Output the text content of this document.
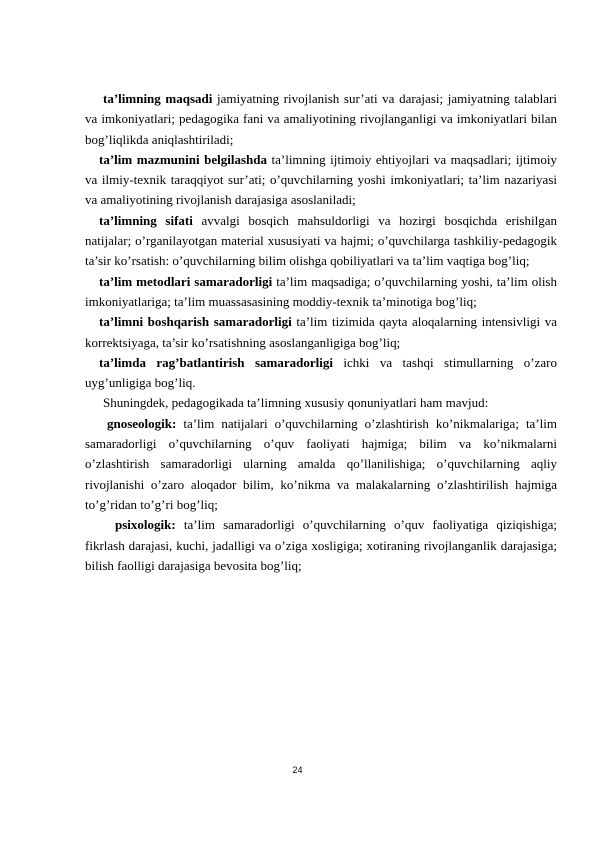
ta’limning maqsadi jamiyatning rivojlanish sur’ati va darajasi; jamiyatning talablari va imkoniyatlari; pedagogika fani va amaliyotining rivojlanganligi va imkoniyatlari bilan bog’liqlikda aniqlashtiriladi;

ta’lim mazmunini belgilashda ta’limning ijtimoiy ehtiyojlari va maqsadlari; ijtimoiy va ilmiy-texnik taraqqiyot sur’ati; o’quvchilarning yoshi imkoniyatlari; ta’lim nazariyasi va amaliyotining rivojlanish darajasiga asoslaniladi;

ta’limning sifati avvalgi bosqich mahsuldorligi va hozirgi bosqichda erishilgan natijalar; o’rganilayotgan material xususiyati va hajmi; o’quvchilarga tashkiliy-pedagogik ta’sir ko’rsatish: o’quvchilarning bilim olishga qobiliyatlari va ta’lim vaqtiga bog’liq;

ta’lim metodlari samaradorligi ta’lim maqsadiga; o’quvchilarning yoshi, ta’lim olish imkoniyatlariga; ta’lim muassasasining moddiy-texnik ta’minotiga bog’liq;

ta’limni boshqarish samaradorligi ta’lim tizimida qayta aloqalarning intensivligi va korrektsiyaga, ta’sir ko’rsatishning asoslanganligiga bog’liq;

ta’limda rag’batlantirish samaradorligi ichki va tashqi stimullarning o’zaro uyg’unligiga bog’liq.

Shuningdek, pedagogikada ta’limning xususiy qonuniyatlari ham mavjud:

gnoseologik: ta’lim natijalari o’quvchilarning o’zlashtirish ko’nikmalariga; ta’lim samaradorligi o’quvchilarning o’quv faoliyati hajmiga; bilim va ko’nikmalarni o’zlashtirish samaradorligi ularning amalda qo’llanilishiga; o’quvchilarning aqliy rivojlanishi o’zaro aloqador bilim, ko’nikma va malakalarning o’zlashtirilish hajmiga to’g’ridan to’g’ri bog’liq;

psixologik: ta’lim samaradorligi o’quvchilarning o’quv faoliyatiga qiziqishiga; fikrlash darajasi, kuchi, jadalligi va o’ziga xosligiga; xotiraning rivojlanganlik darajasiga; bilish faolligi darajasiga bevosita bog’liq;

24
